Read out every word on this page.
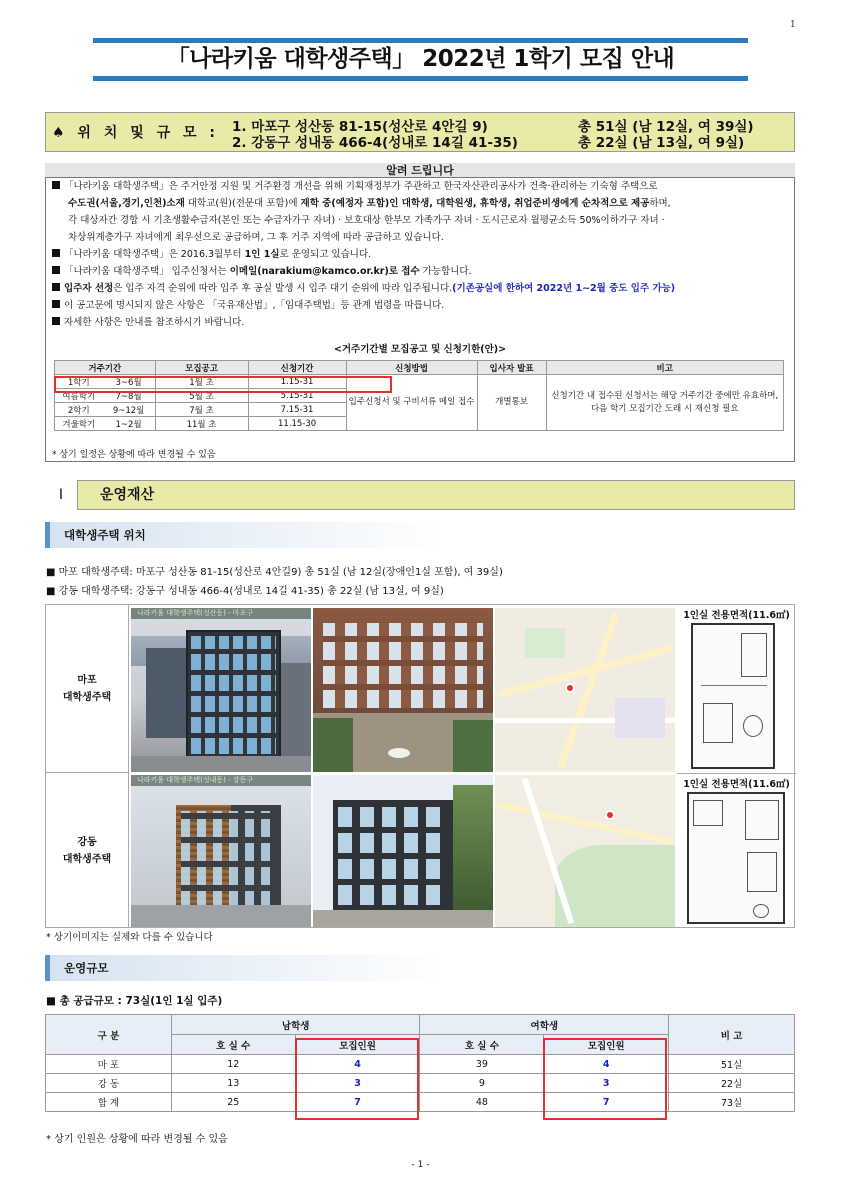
1
「나라키움 대학생주택」 2022년 1학기 모집 안내
♠ 위 치 및 규 모 : 1. 마포구 성산동 81-15(성산로 4안길 9)	총 51실 (남 12실, 여 39실)
2. 강동구 성내동 466-4(성내로 14길 41-35)	총 22실 (남 13실, 여 9실)
알려 드립니다
「나라키움 대학생주택」은 주거안정 지원 및 거주환경 개선을 위해 기획재정부가 주관하고 한국자산관리공사가 건축·관리하는 기숙형 주택으로
수도권(서울,경기,인천)소재 대학교(원)(전문대 포함)에 재학 중(예정자 포함)인 대학생, 대학원생, 휴학생, 취업준비생에게 순차적으로 제공하며,
각 대상자간 경합 시 기초생활수급자(본인 또는 수급자가구 자녀) · 보호대상 한부모 가족가구 자녀 · 도시근로자 월평균소득 50%이하가구 자녀 ·
차상위계층가구 자녀에게 최우선으로 공급하며, 그 후 거주 지역에 따라 공급하고 있습니다.
「나라키움 대학생주택」은 2016.3월부터 1인 1실로 운영되고 있습니다.
「나라키움 대학생주택」 입주신청서는 이메일(narakium@kamco.or.kr)로 접수 가능합니다.
입주자 선정은 입주 자격 순위에 따라 입주 후 공실 발생 시 입주 대기 순위에 따라 입주됩니다.(기존공실에 한하여 2022년 1~2월 중도 입주 가능)
이 공고문에 명시되지 않은 사항은 「국유재산법」,「임대주택법」등 관계 법령을 따릅니다.
자세한 사항은 안내를 참조하시기 바랍니다.
<거주기간별 모집공고 및 신청기한(안)>
거주기간		모집공고	신청기간	신청방법	입사자 발표	비고
1학기	3~6월	1월 초	1.15-31	입주신청서 및 구비서류 메일 접수	개별통보	신청기간 내 접수된 신청서는 해당 거주기간 중에만 유효하며, 다음 학기 모집기간 도래 시 재신청 필요
여름학기	7~8월	5월 초	5.15-31			
2학기	9~12월	7월 초	7.15-31			
겨울학기	1~2월	11월 초	11.15-30			
* 상기 일정은 상황에 따라 변경될 수 있음
Ⅰ	운영재산
대학생주택 위치
■ 마포 대학생주택: 마포구 성산동 81-15(성산로 4안길9) 총 51실 (남 12실(장애인1실 포함), 여 39실)
■ 강동 대학생주택: 강동구 성내동 466-4(성내로 14길 41-35) 총 22실 (남 13실, 여 9실)
마포
대학생주택
강동
대학생주택
나라키움 대학생주택(성산동) - 마포구	1인실 전용면적(11.6㎡)
나라키움 대학생주택(성내동) - 강동구	1인실 전용면적(11.6㎡)
* 상기이미지는 실제와 다를 수 있습니다
운영규모
■ 총 공급규모 : 73실(1인 1실 입주)
구 분	남학생		여학생		비 고
	호 실 수	모집인원	호 실 수	모집인원	
마 포	12	4	39	4	51실
강 동	13	3	9	3	22실
합 계	25	7	48	7	73실
* 상기 인원은 상황에 따라 변경될 수 있음
- 1 -
